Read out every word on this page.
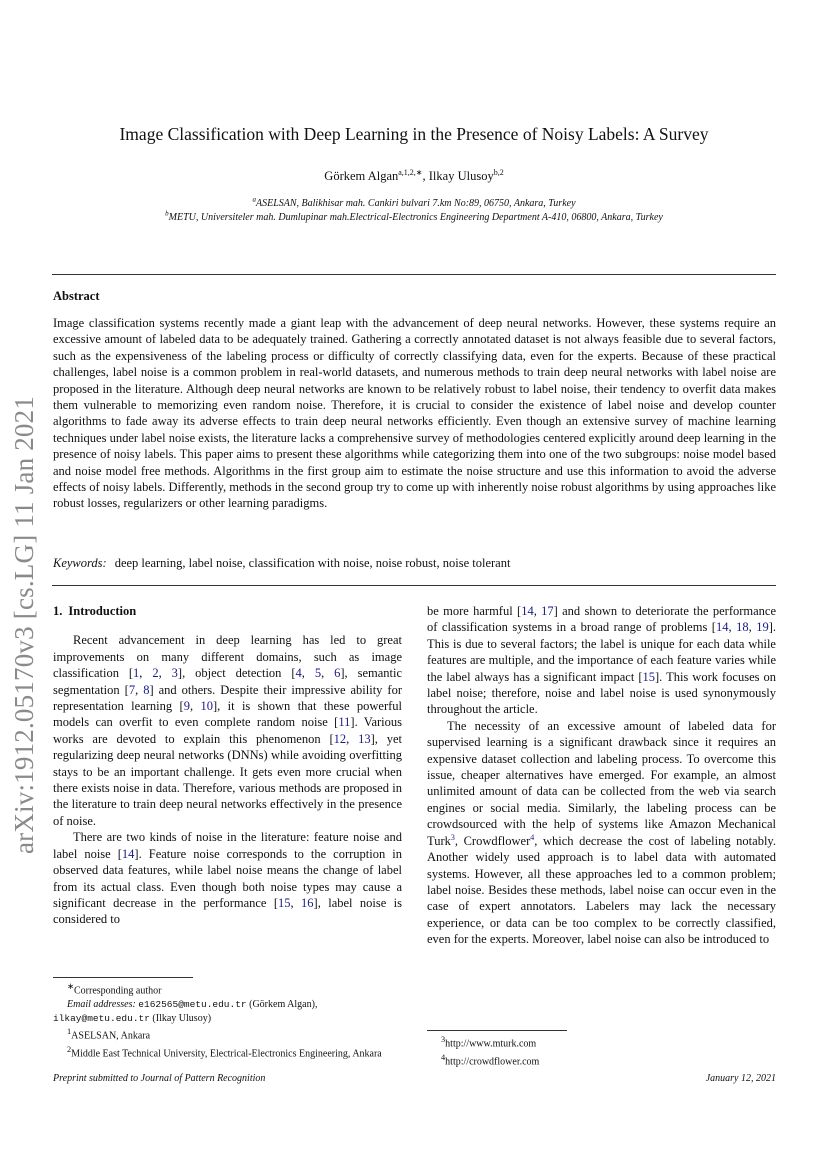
arXiv:1912.05170v3 [cs.LG] 11 Jan 2021
Image Classification with Deep Learning in the Presence of Noisy Labels: A Survey
Görkem Algan$^{a,1,2,∗}$, Ilkay Ulusoy$^{b,2}$
$^a$ASELSAN, Balikhisar mah. Cankiri bulvari 7.km No:89, 06750, Ankara, Turkey
$^b$METU, Universiteler mah. Dumlupinar mah.Electrical-Electronics Engineering Department A-410, 06800, Ankara, Turkey
Abstract
Image classification systems recently made a giant leap with the advancement of deep neural networks. However, these systems require an excessive amount of labeled data to be adequately trained. Gathering a correctly annotated dataset is not always feasible due to several factors, such as the expensiveness of the labeling process or difficulty of correctly classifying data, even for the experts. Because of these practical challenges, label noise is a common problem in real-world datasets, and numerous methods to train deep neural networks with label noise are proposed in the literature. Although deep neural networks are known to be relatively robust to label noise, their tendency to overfit data makes them vulnerable to memorizing even random noise. Therefore, it is crucial to consider the existence of label noise and develop counter algorithms to fade away its adverse effects to train deep neural networks efficiently. Even though an extensive survey of machine learning techniques under label noise exists, the literature lacks a comprehensive survey of methodologies centered explicitly around deep learning in the presence of noisy labels. This paper aims to present these algorithms while categorizing them into one of the two subgroups: noise model based and noise model free methods. Algorithms in the first group aim to estimate the noise structure and use this information to avoid the adverse effects of noisy labels. Differently, methods in the second group try to come up with inherently noise robust algorithms by using approaches like robust losses, regularizers or other learning paradigms.
Keywords: deep learning, label noise, classification with noise, noise robust, noise tolerant
1. Introduction

Recent advancement in deep learning has led to great improvements on many different domains, such as image classification [1, 2, 3], object detection [4, 5, 6], semantic segmentation [7, 8] and others. Despite their impressive ability for representation learning [9, 10], it is shown that these powerful models can overfit to even complete random noise [11]. Various works are devoted to explain this phenomenon [12, 13], yet regularizing deep neural networks (DNNs) while avoiding overfitting stays to be an important challenge. It gets even more crucial when there exists noise in data. Therefore, various methods are proposed in the literature to train deep neural networks effectively in the presence of noise.

There are two kinds of noise in the literature: feature noise and label noise [14]. Feature noise corresponds to the corruption in observed data features, while label noise means the change of label from its actual class. Even though both noise types may cause a significant decrease in the performance [15, 16], label noise is considered to

be more harmful [14, 17] and shown to deteriorate the performance of classification systems in a broad range of problems [14, 18, 19]. This is due to several factors; the label is unique for each data while features are multiple, and the importance of each feature varies while the label always has a significant impact [15]. This work focuses on label noise; therefore, noise and label noise is used synonymously throughout the article.

The necessity of an excessive amount of labeled data for supervised learning is a significant drawback since it requires an expensive dataset collection and labeling process. To overcome this issue, cheaper alternatives have emerged. For example, an almost unlimited amount of data can be collected from the web via search engines or social media. Similarly, the labeling process can be crowdsourced with the help of systems like Amazon Mechanical Turk$^3$, Crowdflower$^4$, which decrease the cost of labeling notably. Another widely used approach is to label data with automated systems. However, all these approaches led to a common problem; label noise. Besides these methods, label noise can occur even in the case of expert annotators. Labelers may lack the necessary experience, or data can be too complex to be correctly classified, even for the experts. Moreover, label noise can also be introduced to

∗Corresponding author

Email addresses: e162565@metu.edu.tr (Görkem Algan),

ilkay@metu.edu.tr (Ilkay Ulusoy)

$^1$ASELSAN, Ankara

$^2$Middle East Technical University, Electrical-Electronics Engineering, Ankara

$^3$http://www.mturk.com

$^4$http://crowdflower.com

Preprint submitted to Journal of Pattern Recognition	January 12, 2021
